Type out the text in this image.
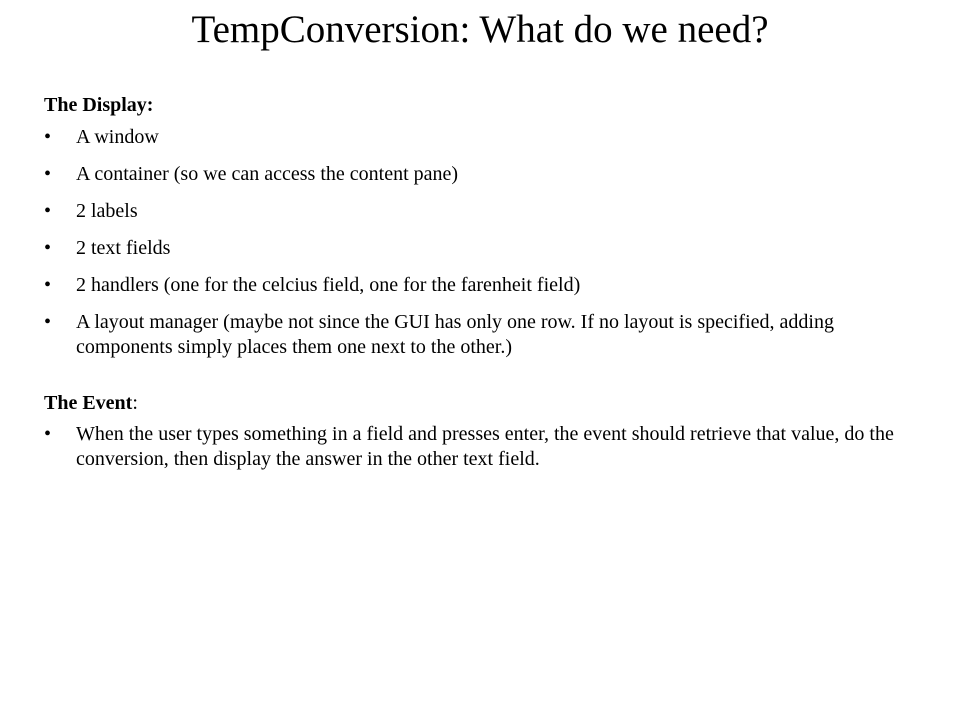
TempConversion: What do we need?
The Display:
•	A window
•	A container (so we can access the content pane)
•	2 labels
•	2 text fields
•	2 handlers (one for the celcius field, one for the farenheit field)
•	A layout manager (maybe not since the GUI has only one row. If no layout is specified, adding components simply places them one next to the other.)
The Event:
•	When the user types something in a field and presses enter, the event should retrieve that value, do the conversion, then display the answer in the other text field.
